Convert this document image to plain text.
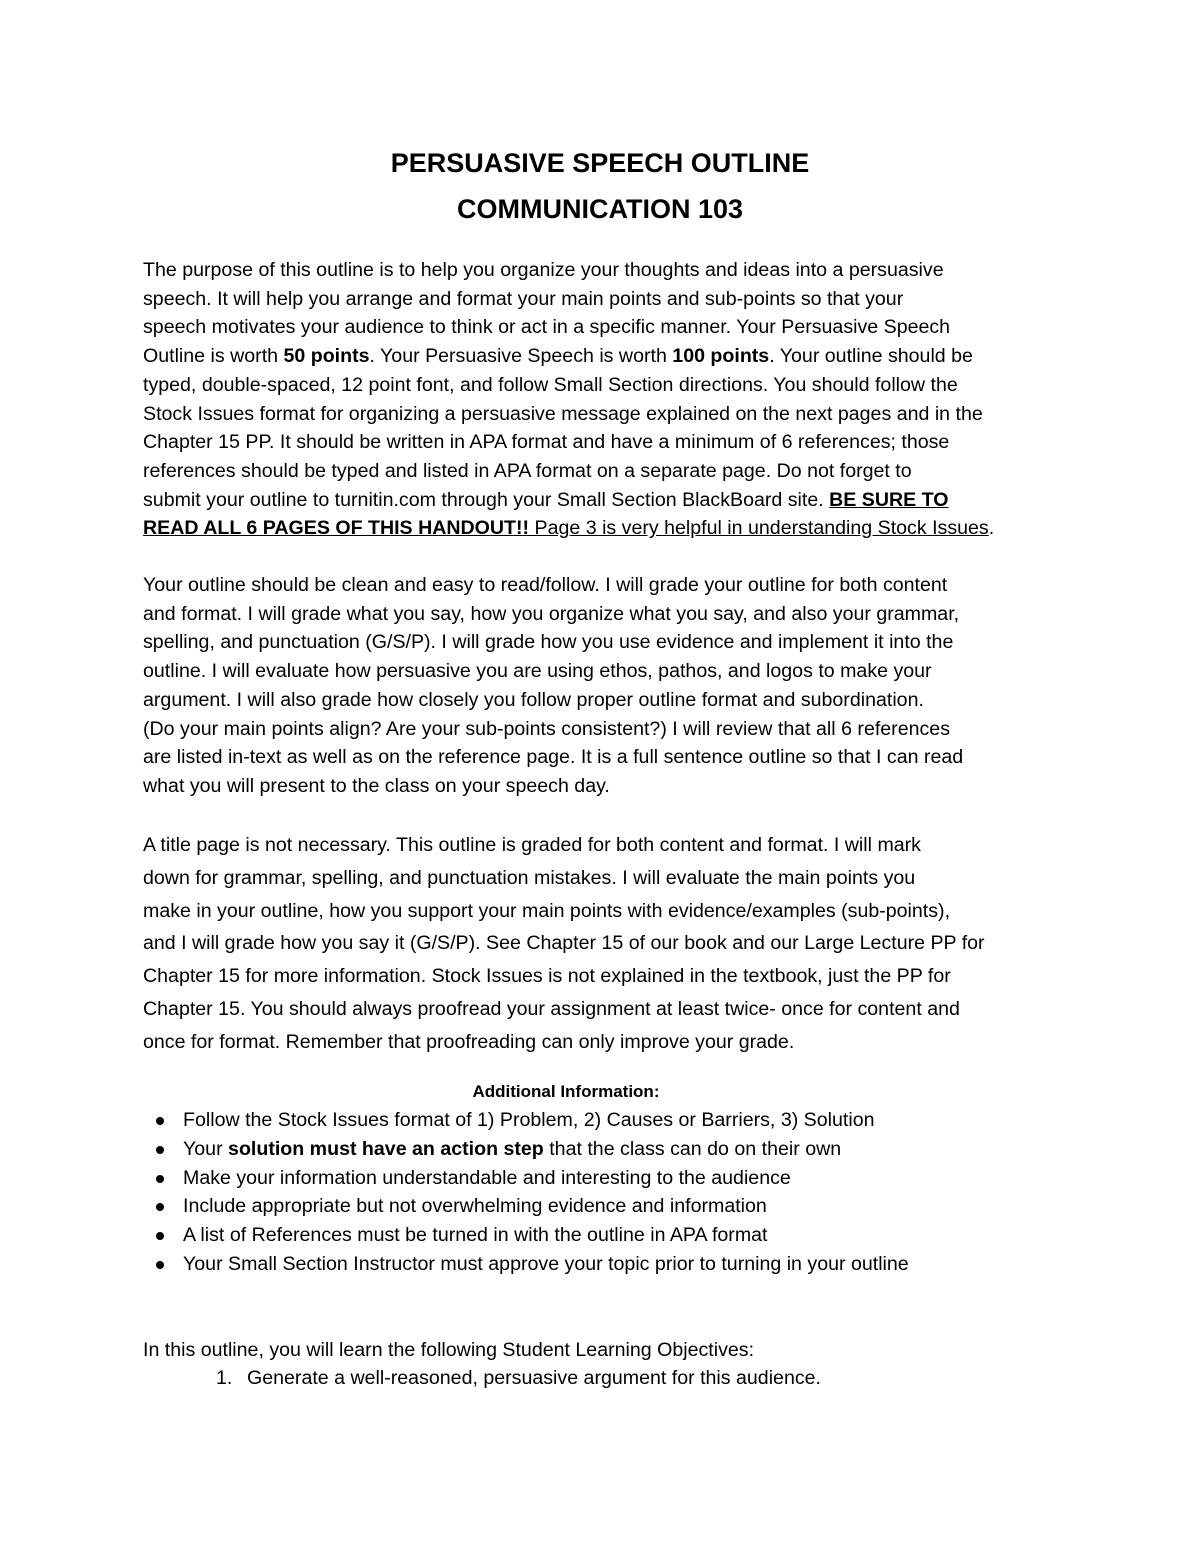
PERSUASIVE SPEECH OUTLINE
COMMUNICATION 103

The purpose of this outline is to help you organize your thoughts and ideas into a persuasive
speech. It will help you arrange and format your main points and sub-points so that your
speech motivates your audience to think or act in a specific manner. Your Persuasive Speech
Outline is worth 50 points. Your Persuasive Speech is worth 100 points. Your outline should be
typed, double-spaced, 12 point font, and follow Small Section directions. You should follow the
Stock Issues format for organizing a persuasive message explained on the next pages and in the
Chapter 15 PP. It should be written in APA format and have a minimum of 6 references; those
references should be typed and listed in APA format on a separate page. Do not forget to
submit your outline to turnitin.com through your Small Section BlackBoard site. BE SURE TO
READ ALL 6 PAGES OF THIS HANDOUT!! Page 3 is very helpful in understanding Stock Issues.

Your outline should be clean and easy to read/follow. I will grade your outline for both content
and format. I will grade what you say, how you organize what you say, and also your grammar,
spelling, and punctuation (G/S/P). I will grade how you use evidence and implement it into the
outline. I will evaluate how persuasive you are using ethos, pathos, and logos to make your
argument. I will also grade how closely you follow proper outline format and subordination.
(Do your main points align? Are your sub-points consistent?) I will review that all 6 references
are listed in-text as well as on the reference page. It is a full sentence outline so that I can read
what you will present to the class on your speech day.

A title page is not necessary. This outline is graded for both content and format. I will mark
down for grammar, spelling, and punctuation mistakes. I will evaluate the main points you
make in your outline, how you support your main points with evidence/examples (sub-points),
and I will grade how you say it (G/S/P). See Chapter 15 of our book and our Large Lecture PP for
Chapter 15 for more information. Stock Issues is not explained in the textbook, just the PP for
Chapter 15. You should always proofread your assignment at least twice- once for content and
once for format. Remember that proofreading can only improve your grade.

Additional Information:
Follow the Stock Issues format of 1) Problem, 2) Causes or Barriers, 3) Solution
Your solution must have an action step that the class can do on their own
Make your information understandable and interesting to the audience
Include appropriate but not overwhelming evidence and information
A list of References must be turned in with the outline in APA format
Your Small Section Instructor must approve your topic prior to turning in your outline
In this outline, you will learn the following Student Learning Objectives:
1. Generate a well-reasoned, persuasive argument for this audience.
